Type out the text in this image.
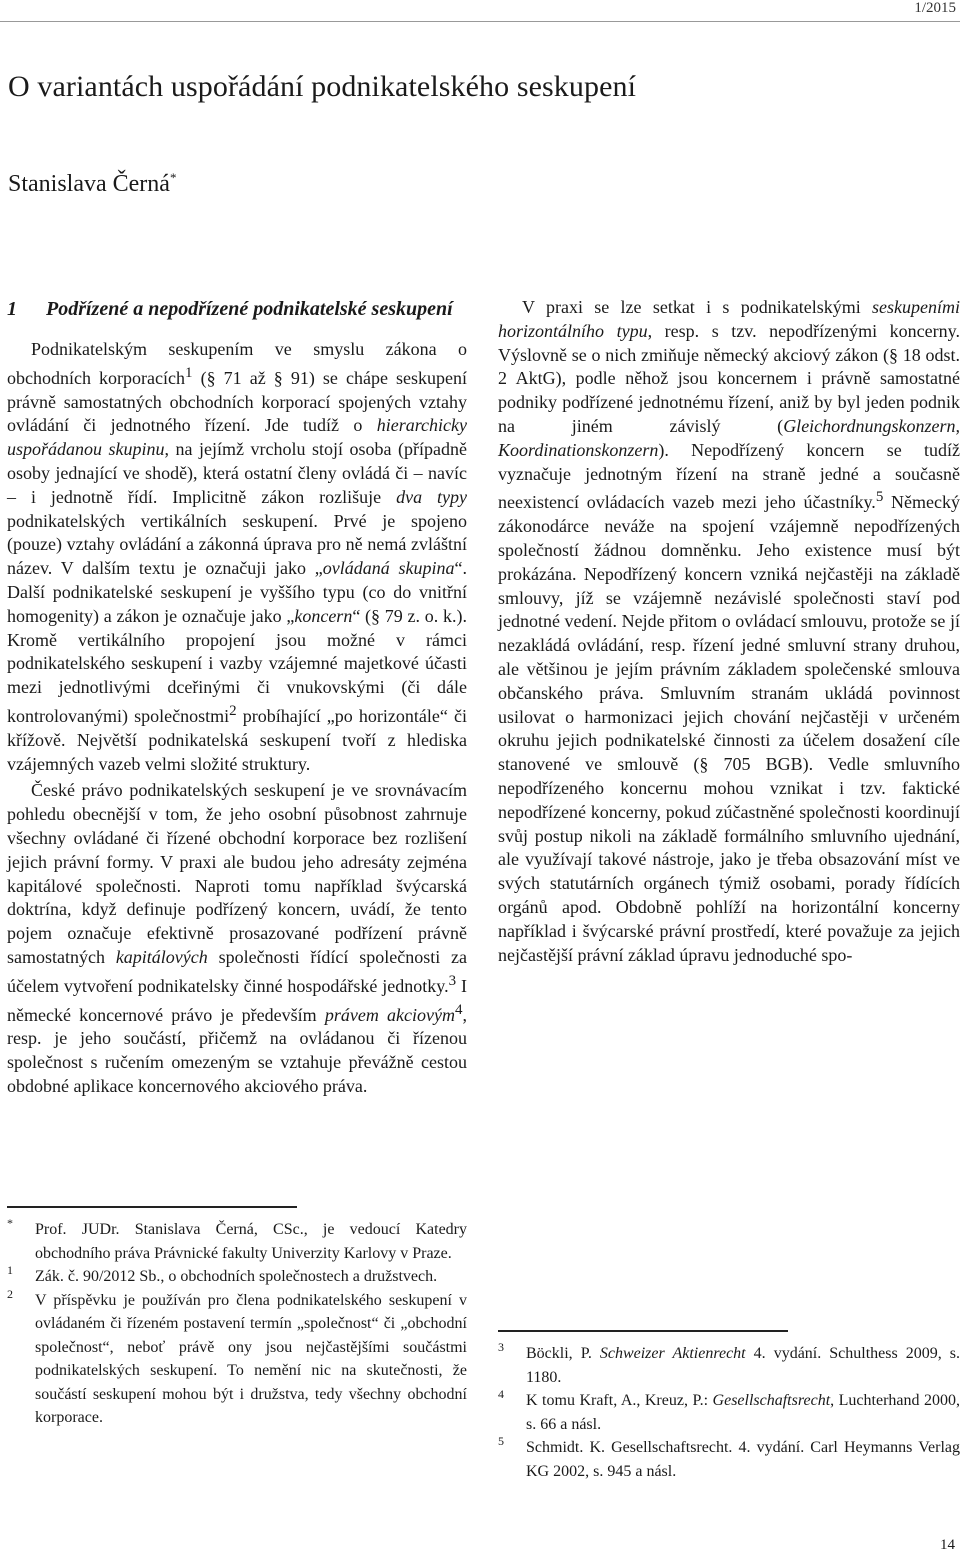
1/2015
O variantách uspořádání podnikatelského seskupení
Stanislava Černá*
1 Podřízené a nepodřízené podnikatelské seskupení

Podnikatelským seskupením ve smyslu zákona o obchodních korporacích$^1$ (§ 71 až § 91) se chápe seskupení právně samostatných obchodních korporací spojených vztahy ovládání či jednotného řízení. Jde tudíž o hierarchicky uspořádanou skupinu, na jejímž vrcholu stojí osoba (případně osoby jednající ve shodě), která ostatní členy ovládá či – navíc – i jednotně řídí. Implicitně zákon rozlišuje dva typy podnikatelských vertikálních seskupení. Prvé je spojeno (pouze) vztahy ovládání a zákonná úprava pro ně nemá zvláštní název. V dalším textu je označuji jako „ovládaná skupina“. Další podnikatelské seskupení je vyššího typu (co do vnitřní homogenity) a zákon je označuje jako „koncern“ (§ 79 z. o. k.). Kromě vertikálního propojení jsou možné v rámci podnikatelského seskupení i vazby vzájemné majetkové účasti mezi jednotlivými dceřinými či vnukovskými (či dále kontrolovanými) společnostmi$^2$ probíhající „po horizontále“ či křížově. Největší podnikatelská seskupení tvoří z hlediska vzájemných vazeb velmi složité struktury.

České právo podnikatelských seskupení je ve srovnávacím pohledu obecnější v tom, že jeho osobní působnost zahrnuje všechny ovládané či řízené obchodní korporace bez rozlišení jejich právní formy. V praxi ale budou jeho adresáty zejména kapitálové společnosti. Naproti tomu například švýcarská doktrína, když definuje podřízený koncern, uvádí, že tento pojem označuje efektivně prosazované podřízení právně samostatných kapitálových společnosti řídící společnosti za účelem vytvoření podnikatelsky činné hospodářské jednotky.$^3$ I německé koncernové právo je především právem akciovým$^4$, resp. je jeho součástí, přičemž na ovládanou či řízenou společnost s ručením omezeným se vztahuje převážně cestou obdobné aplikace koncernového akciového práva.

V praxi se lze setkat i s podnikatelskými seskupeními horizontálního typu, resp. s tzv. nepodřízenými koncerny. Výslovně se o nich zmiňuje německý akciový zákon (§ 18 odst. 2 AktG), podle něhož jsou koncernem i právně samostatné podniky podřízené jednotnému řízení, aniž by byl jeden podnik na jiném závislý (Gleichordnungskonzern, Koordinationskonzern). Nepodřízený koncern se tudíž vyznačuje jednotným řízení na straně jedné a současně neexistencí ovládacích vazeb mezi jeho účastníky.$^5$ Německý zákonodárce neváže na spojení vzájemně nepodřízených společností žádnou domněnku. Jeho existence musí být prokázána. Nepodřízený koncern vzniká nejčastěji na základě smlouvy, jíž se vzájemně nezávislé společnosti staví pod jednotné vedení. Nejde přitom o ovládací smlouvu, protože se jí nezakládá ovládání, resp. řízení jedné smluvní strany druhou, ale většinou je jejím právním základem společenské smlouva občanského práva. Smluvním stranám ukládá povinnost usilovat o harmonizaci jejich chování nejčastěji v určeném okruhu jejich podnikatelské činnosti za účelem dosažení cíle stanovené ve smlouvě (§ 705 BGB). Vedle smluvního nepodřízeného koncernu mohou vznikat i tzv. faktické nepodřízené koncerny, pokud zúčastněné společnosti koordinují svůj postup nikoli na základě formálního smluvního ujednání, ale využívají takové nástroje, jako je třeba obsazování míst ve svých statutárních orgánech týmiž osobami, porady řídících orgánů apod. Obdobně pohlíží na horizontální koncerny například i švýcarské právní prostředí, které považuje za jejich nejčastější právní základ úpravu jednoduché spo-

* Prof. JUDr. Stanislava Černá, CSc., je vedoucí Katedry obchodního práva Právnické fakulty Univerzity Karlovy v Praze.
1 Zák. č. 90/2012 Sb., o obchodních společnostech a družstvech.
2 V příspěvku je používán pro člena podnikatelského seskupení v ovládaném či řízeném postavení termín „společnost“ či „obchodní společnost“, neboť právě ony jsou nejčastějšími součástmi podnikatelských seskupení. To nemění nic na skutečnosti, že součástí seskupení mohou být i družstva, tedy všechny obchodní korporace.
3 Böckli, P. Schweizer Aktienrecht 4. vydání. Schulthess 2009, s. 1180.
4 K tomu Kraft, A., Kreuz, P.: Gesellschaftsrecht, Luchterhand 2000, s. 66 a násl.
5 Schmidt. K. Gesellschaftsrecht. 4. vydání. Carl Heymanns Verlag KG 2002, s. 945 a násl.
14
